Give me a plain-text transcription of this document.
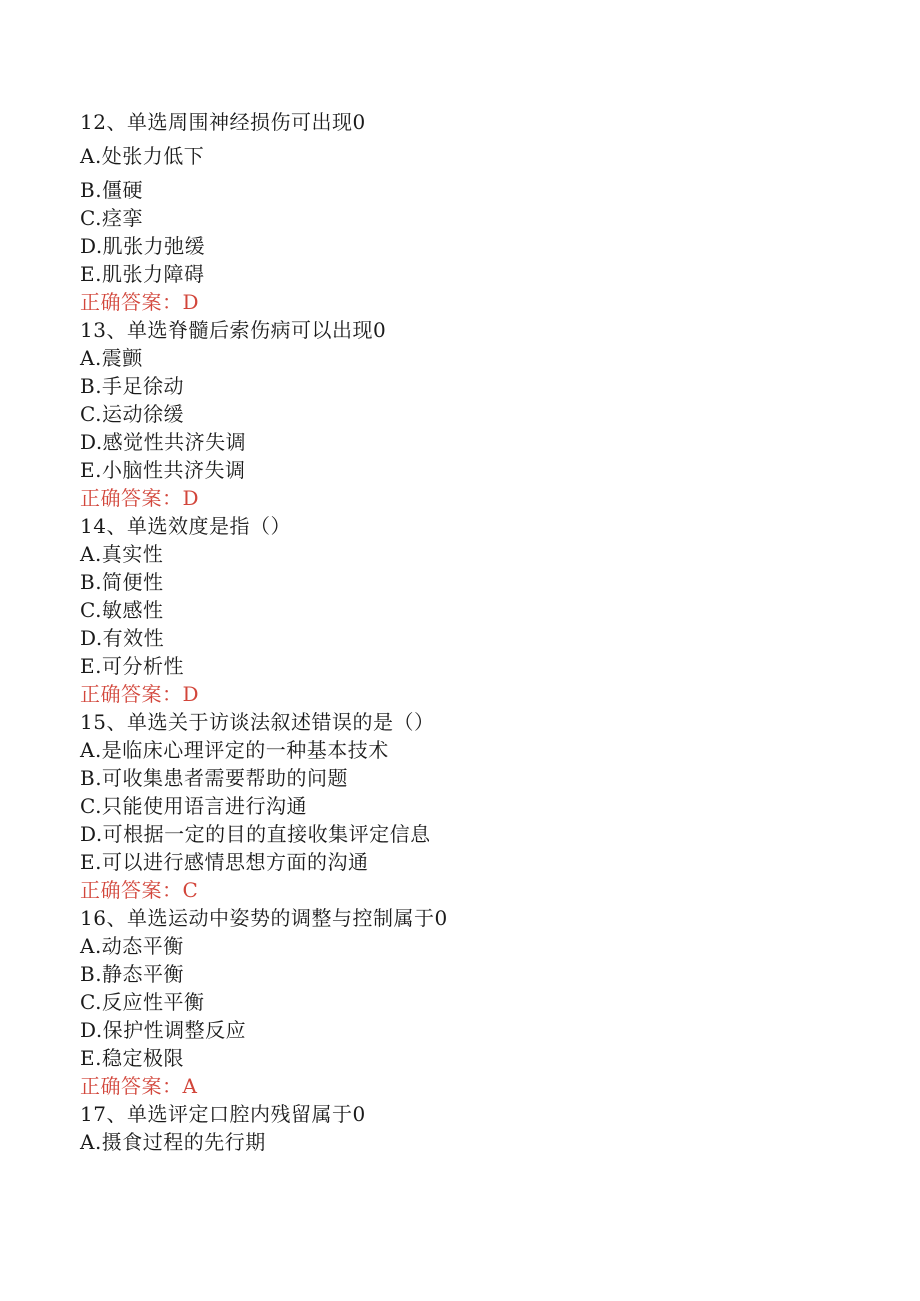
12、单选周围神经损伤可出现0
A.处张力低下
B.僵硬
C.痉挛
D.肌张力弛缓
E.肌张力障碍
正确答案：D
13、单选脊髓后索伤病可以出现0
A.震颤
B.手足徐动
C.运动徐缓
D.感觉性共济失调
E.小脑性共济失调
正确答案：D
14、单选效度是指（）
A.真实性
B.简便性
C.敏感性
D.有效性
E.可分析性
正确答案：D
15、单选关于访谈法叙述错误的是（）
A.是临床心理评定的一种基本技术
B.可收集患者需要帮助的问题
C.只能使用语言进行沟通
D.可根据一定的目的直接收集评定信息
E.可以进行感情思想方面的沟通
正确答案：C
16、单选运动中姿势的调整与控制属于0
A.动态平衡
B.静态平衡
C.反应性平衡
D.保护性调整反应
E.稳定极限
正确答案：A
17、单选评定口腔内残留属于0
A.摄食过程的先行期
